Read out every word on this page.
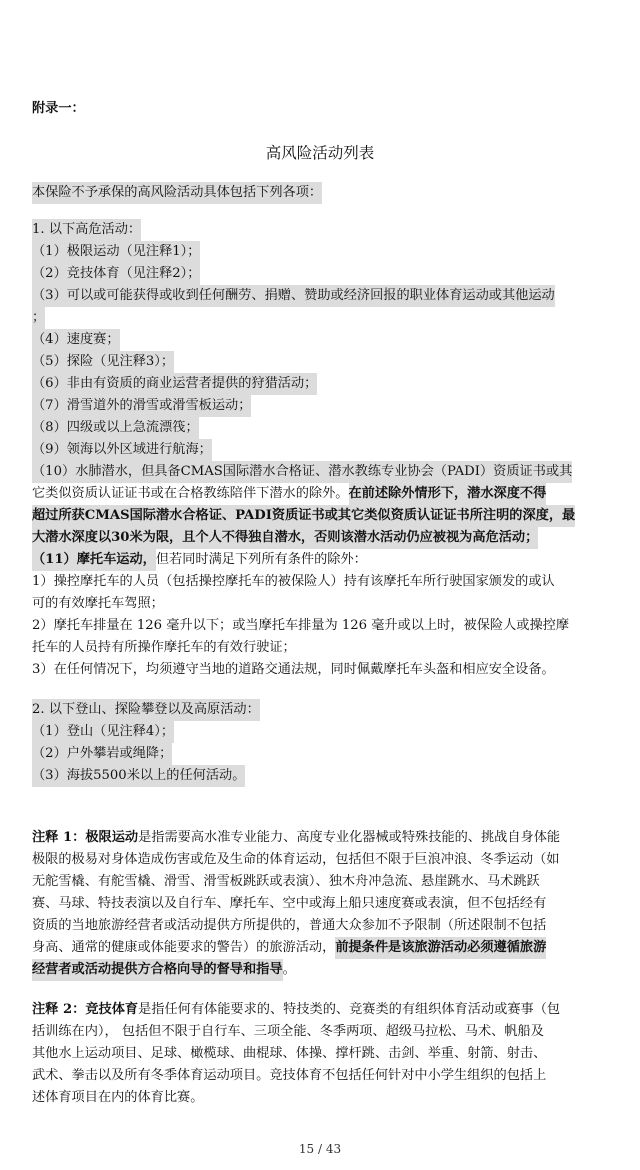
附录一：
高风险活动列表
本保险不予承保的高风险活动具体包括下列各项：
1. 以下高危活动：
（1）极限运动（见注释1）；
（2）竞技体育（见注释2）；
（3）可以或可能获得或收到任何酬劳、捐赠、赞助或经济回报的职业体育运动或其他运动
；
（4）速度赛；
（5）探险（见注释3）；
（6）非由有资质的商业运营者提供的狩猎活动；
（7）滑雪道外的滑雪或滑雪板运动；
（8）四级或以上急流漂筏；
（9）领海以外区域进行航海；
（10）水肺潜水，但具备CMAS国际潜水合格证、潜水教练专业协会（PADI）资质证书或其
它类似资质认证证书或在合格教练陪伴下潜水的除外。在前述除外情形下，潜水深度不得
超过所获CMAS国际潜水合格证、PADI资质证书或其它类似资质认证证书所注明的深度，最
大潜水深度以30米为限，且个人不得独自潜水，否则该潜水活动仍应被视为高危活动；
（11）摩托车运动，但若同时满足下列所有条件的除外：
1）操控摩托车的人员（包括操控摩托车的被保险人）持有该摩托车所行驶国家颁发的或认
可的有效摩托车驾照；
2）摩托车排量在 126 毫升以下；或当摩托车排量为 126 毫升或以上时，被保险人或操控摩
托车的人员持有所操作摩托车的有效行驶证；
3）在任何情况下，均须遵守当地的道路交通法规，同时佩戴摩托车头盔和相应安全设备。
2. 以下登山、探险攀登以及高原活动：
（1）登山（见注释4）；
（2）户外攀岩或绳降；
（3）海拔5500米以上的任何活动。
注释 1：极限运动是指需要高水准专业能力、高度专业化器械或特殊技能的、挑战自身体能
极限的极易对身体造成伤害或危及生命的体育运动，包括但不限于巨浪冲浪、冬季运动（如
无舵雪橇、有舵雪橇、滑雪、滑雪板跳跃或表演）、独木舟冲急流、悬崖跳水、马术跳跃
赛、马球、特技表演以及自行车、摩托车、空中或海上船只速度赛或表演，但不包括经有
资质的当地旅游经营者或活动提供方所提供的，普通大众参加不予限制（所述限制不包括
身高、通常的健康或体能要求的警告）的旅游活动，前提条件是该旅游活动必须遵循旅游
经营者或活动提供方合格向导的督导和指导。
注释 2：竞技体育是指任何有体能要求的、特技类的、竞赛类的有组织体育活动或赛事（包
括训练在内）， 包括但不限于自行车、三项全能、冬季两项、超级马拉松、马术、帆船及
其他水上运动项目、足球、橄榄球、曲棍球、体操、撑杆跳、击剑、举重、射箭、射击、
武术、拳击以及所有冬季体育运动项目。竞技体育不包括任何针对中小学生组织的包括上
述体育项目在内的体育比赛。
15 / 43
